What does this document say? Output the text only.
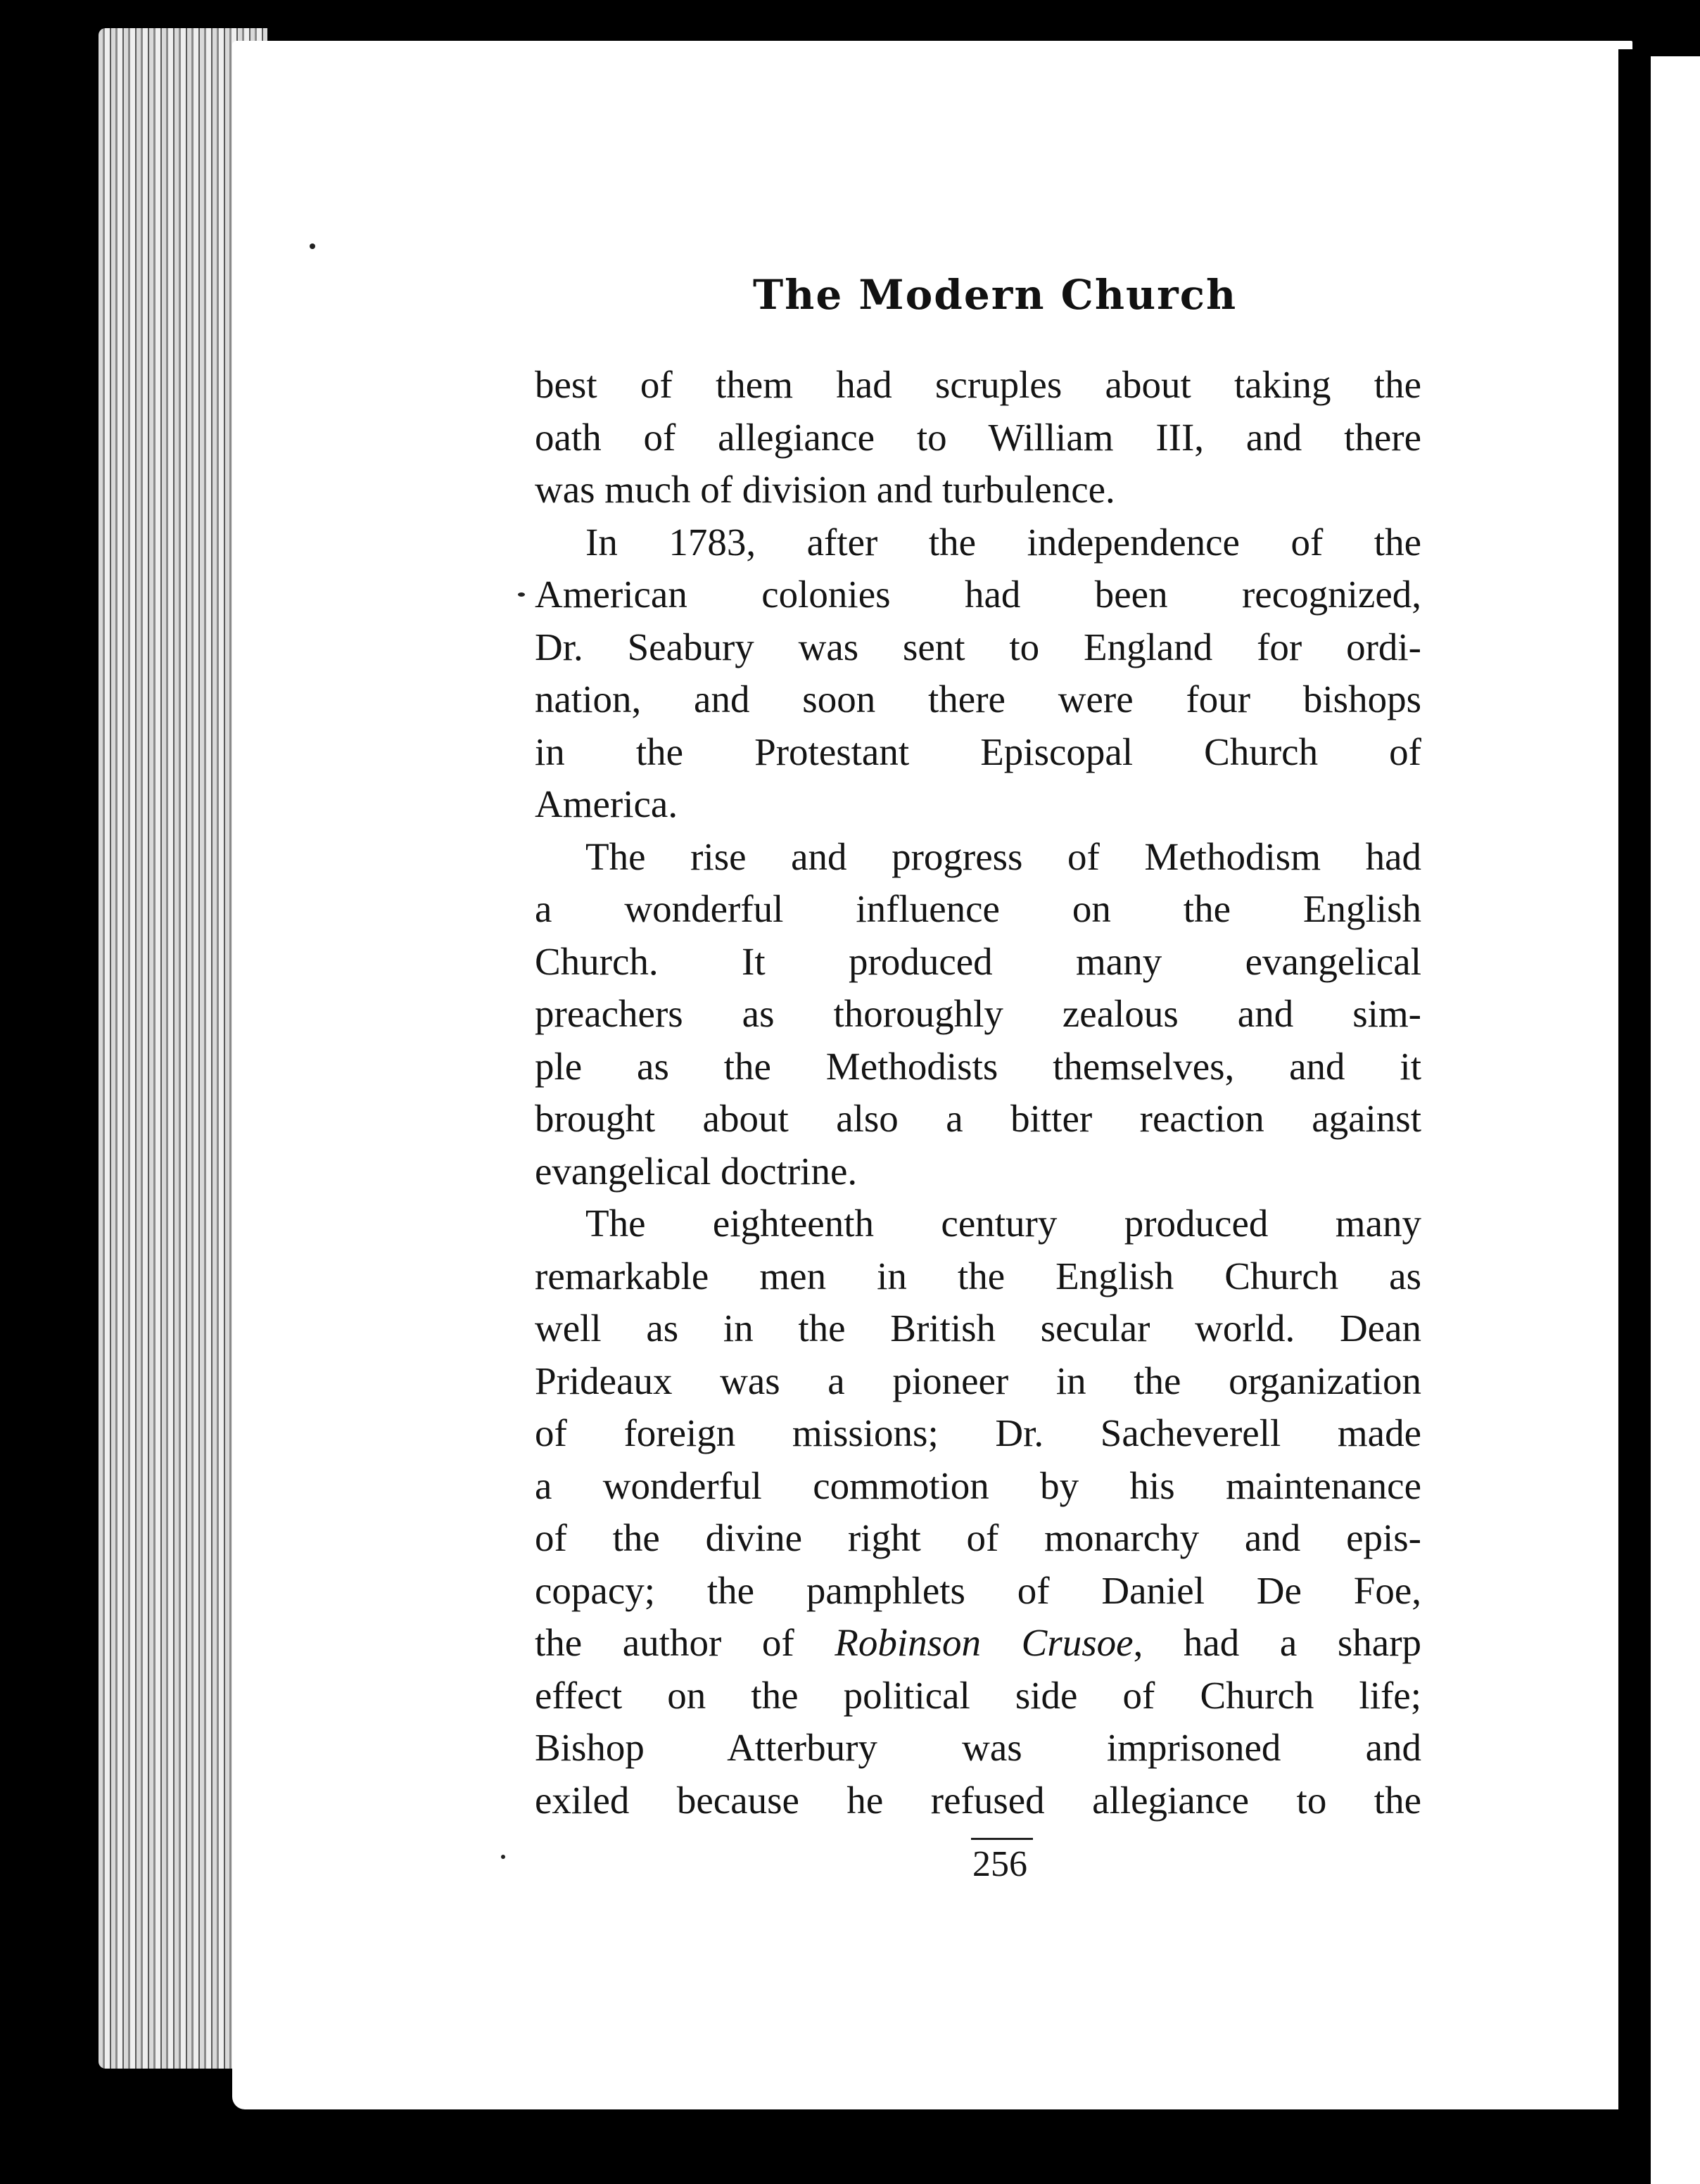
The Modern Church
best of them had scruples about taking the
oath of allegiance to William III, and there
was much of division and turbulence.
In 1783, after the independence of the
American colonies had been recognized,
Dr. Seabury was sent to England for ordi-
nation, and soon there were four bishops
in the Protestant Episcopal Church of
America.
The rise and progress of Methodism had
a wonderful influence on the English
Church. It produced many evangelical
preachers as thoroughly zealous and sim-
ple as the Methodists themselves, and it
brought about also a bitter reaction against
evangelical doctrine.
The eighteenth century produced many
remarkable men in the English Church as
well as in the British secular world. Dean
Prideaux was a pioneer in the organization
of foreign missions; Dr. Sacheverell made
a wonderful commotion by his maintenance
of the divine right of monarchy and epis-
copacy; the pamphlets of Daniel De Foe,
the author of Robinson Crusoe, had a sharp
effect on the political side of Church life;
Bishop Atterbury was imprisoned and
exiled because he refused allegiance to the
256
